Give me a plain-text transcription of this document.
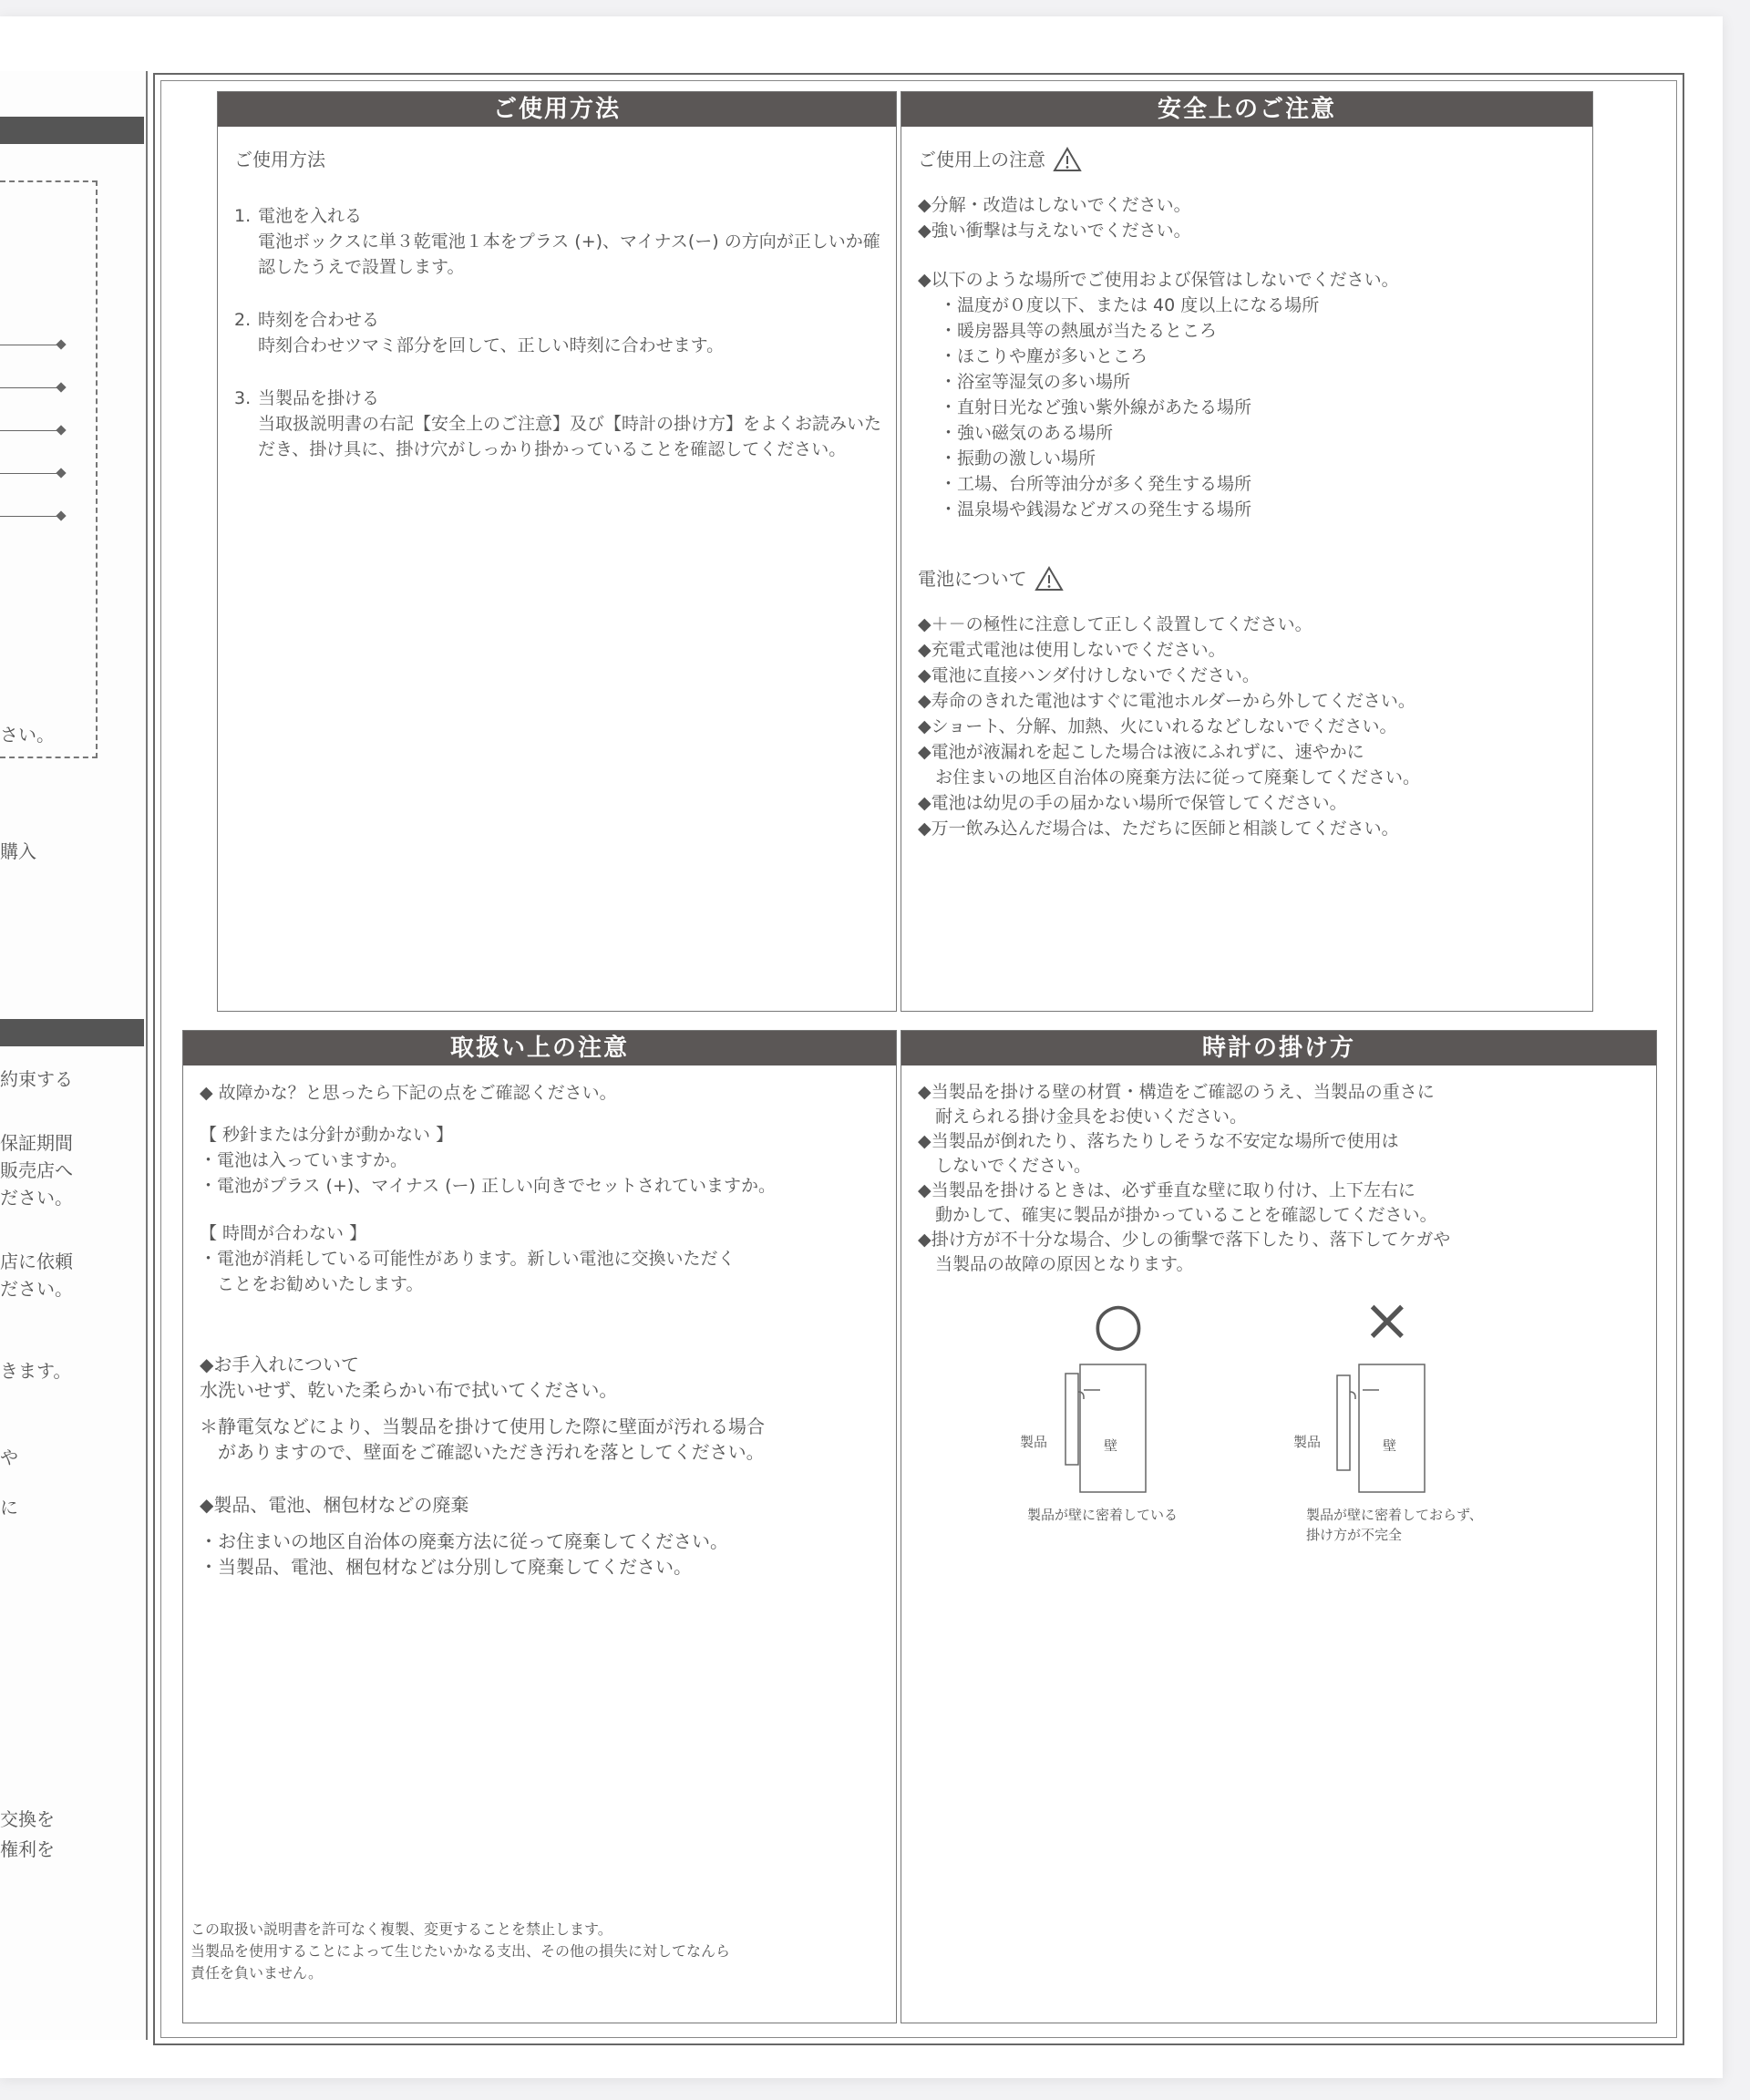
さい。
購入
約束する
保証期間
販売店へ
ださい。
店に依頼
ださい。
きます。
や
に
交換を
権利を
ご使用方法
ご使用方法
1. 電池を入れる
電池ボックスに単３乾電池１本をプラス (+)、マイナス(ー) の方向が正しいか確認したうえで設置します。
2. 時刻を合わせる
時刻合わせツマミ部分を回して、正しい時刻に合わせます。
3. 当製品を掛ける
当取扱説明書の右記【安全上のご注意】及び【時計の掛け方】をよくお読みいただき、掛け具に、掛け穴がしっかり掛かっていることを確認してください。
安全上のご注意
ご使用上の注意
◆分解・改造はしないでください。
◆強い衝撃は与えないでください。
◆以下のような場所でご使用および保管はしないでください。
・温度が０度以下、または 40 度以上になる場所
・暖房器具等の熱風が当たるところ
・ほこりや塵が多いところ
・浴室等湿気の多い場所
・直射日光など強い紫外線があたる場所
・強い磁気のある場所
・振動の激しい場所
・工場、台所等油分が多く発生する場所
・温泉場や銭湯などガスの発生する場所
電池について
◆＋－の極性に注意して正しく設置してください。
◆充電式電池は使用しないでください。
◆電池に直接ハンダ付けしないでください。
◆寿命のきれた電池はすぐに電池ホルダーから外してください。
◆ショート、分解、加熱、火にいれるなどしないでください。
◆電池が液漏れを起こした場合は液にふれずに、速やかに
　お住まいの地区自治体の廃棄方法に従って廃棄してください。
◆電池は幼児の手の届かない場所で保管してください。
◆万一飲み込んだ場合は、ただちに医師と相談してください。
取扱い上の注意
◆ 故障かな？と思ったら下記の点をご確認ください。
【 秒針または分針が動かない 】
・電池は入っていますか。
・電池がプラス (+)、マイナス (ー) 正しい向きでセットされていますか。
【 時間が合わない 】
・電池が消耗している可能性があります。新しい電池に交換いただく
　ことをお勧めいたします。
◆お手入れについて
水洗いせず、乾いた柔らかい布で拭いてください。
＊静電気などにより、当製品を掛けて使用した際に壁面が汚れる場合
　がありますので、壁面をご確認いただき汚れを落としてください。
◆製品、電池、梱包材などの廃棄
・お住まいの地区自治体の廃棄方法に従って廃棄してください。
・当製品、電池、梱包材などは分別して廃棄してください。
この取扱い説明書を許可なく複製、変更することを禁止します。
当製品を使用することによって生じたいかなる支出、その他の損失に対してなんら
責任を負いません。
時計の掛け方
◆当製品を掛ける壁の材質・構造をご確認のうえ、当製品の重さに
　耐えられる掛け金具をお使いください。
◆当製品が倒れたり、落ちたりしそうな不安定な場所で使用は
　しないでください。
◆当製品を掛けるときは、必ず垂直な壁に取り付け、上下左右に
　動かして、確実に製品が掛かっていることを確認してください。
◆掛け方が不十分な場合、少しの衝撃で落下したり、落下してケガや
　当製品の故障の原因となります。
○
製品	壁
製品が壁に密着している
×
製品	壁
製品が壁に密着しておらず、
掛け方が不完全
